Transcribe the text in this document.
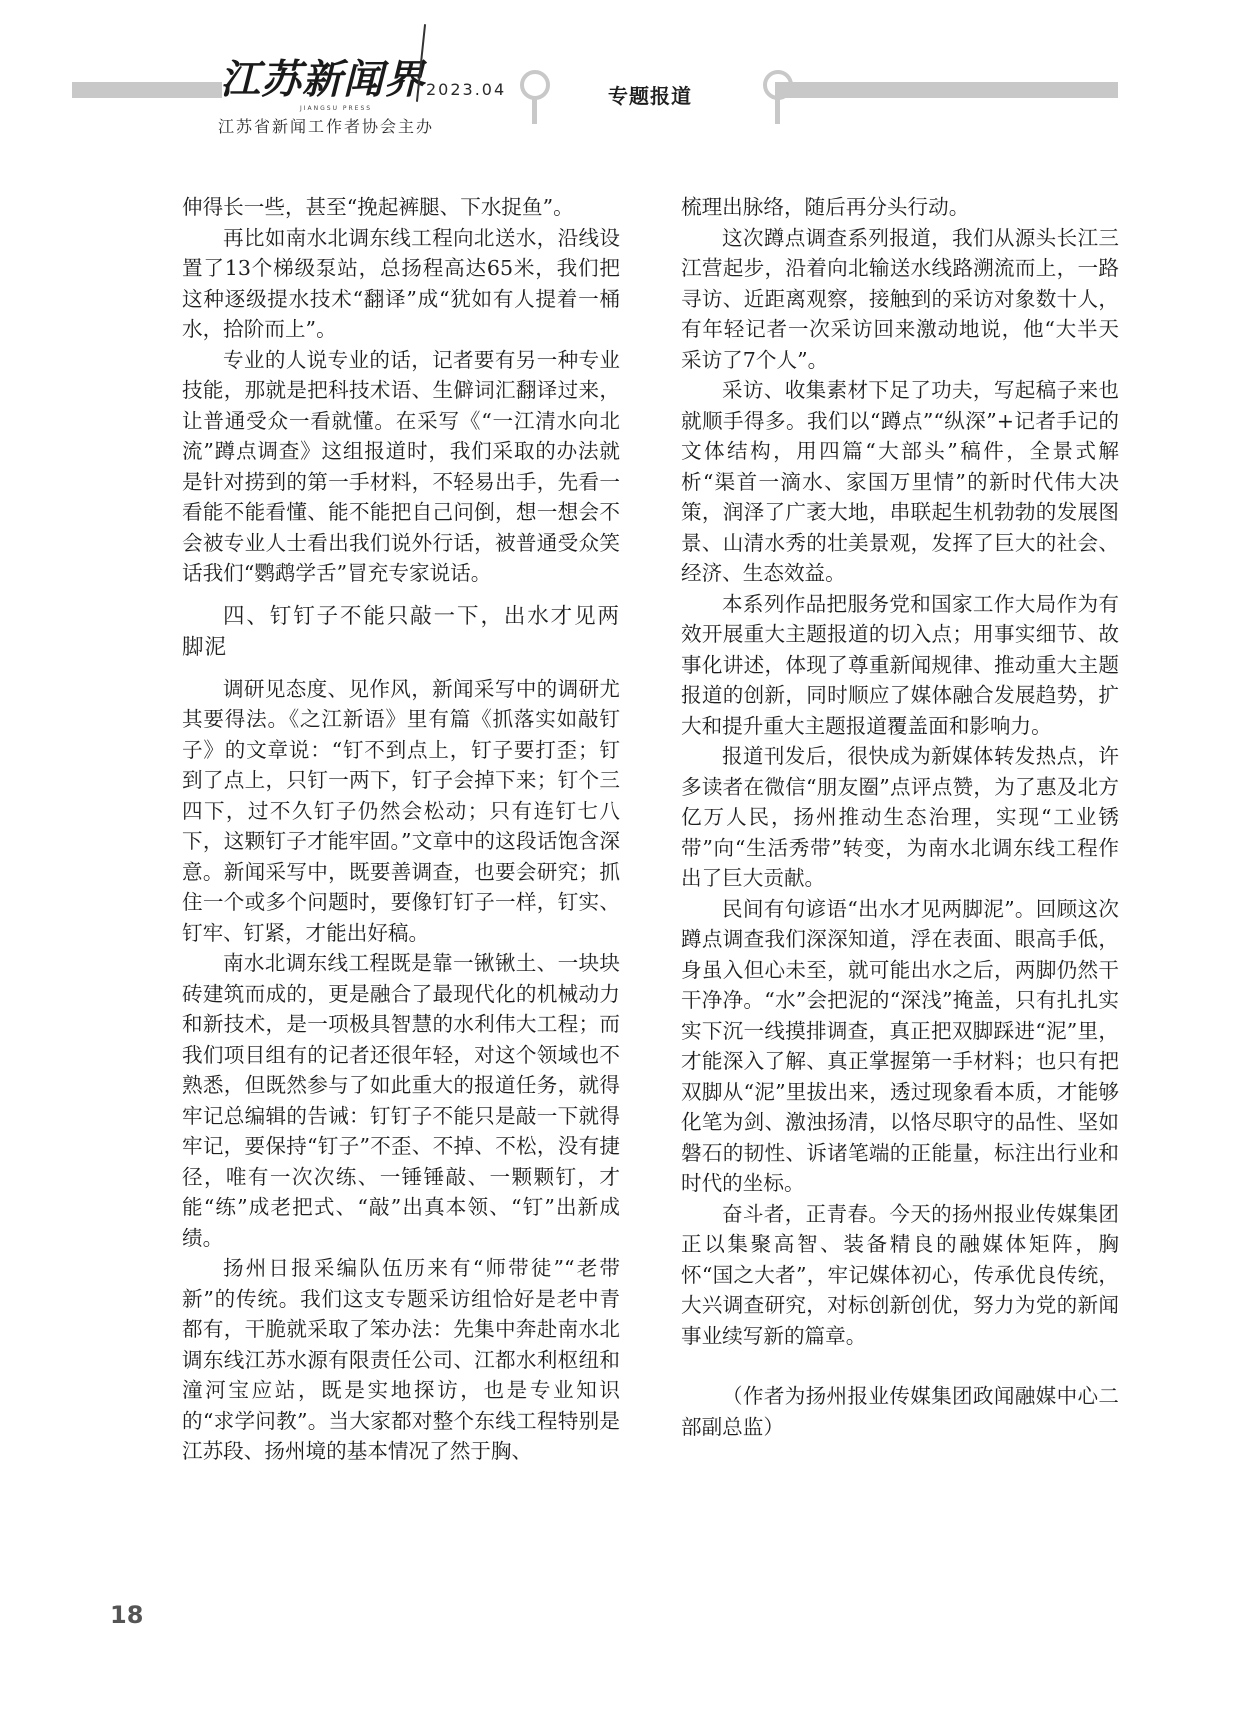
江苏新闻界
JIANGSU PRESS
2023.04
江苏省新闻工作者协会主办
专题报道

伸得长一些，甚至“挽起裤腿、下水捉鱼”。

再比如南水北调东线工程向北送水，沿线设置了13个梯级泵站，总扬程高达65米，我们把这种逐级提水技术“翻译”成“犹如有人提着一桶水，拾阶而上”。

专业的人说专业的话，记者要有另一种专业技能，那就是把科技术语、生僻词汇翻译过来，让普通受众一看就懂。在采写《“一江清水向北流”蹲点调查》这组报道时，我们采取的办法就是针对捞到的第一手材料，不轻易出手，先看一看能不能看懂、能不能把自己问倒，想一想会不会被专业人士看出我们说外行话，被普通受众笑话我们“鹦鹉学舌”冒充专家说话。

四、钉钉子不能只敲一下，出水才见两脚泥

调研见态度、见作风，新闻采写中的调研尤其要得法。《之江新语》里有篇《抓落实如敲钉子》的文章说：“钉不到点上，钉子要打歪；钉到了点上，只钉一两下，钉子会掉下来；钉个三四下，过不久钉子仍然会松动；只有连钉七八下，这颗钉子才能牢固。”文章中的这段话饱含深意。新闻采写中，既要善调查，也要会研究；抓住一个或多个问题时，要像钉钉子一样，钉实、钉牢、钉紧，才能出好稿。

南水北调东线工程既是靠一锹锹土、一块块砖建筑而成的，更是融合了最现代化的机械动力和新技术，是一项极具智慧的水利伟大工程；而我们项目组有的记者还很年轻，对这个领域也不熟悉，但既然参与了如此重大的报道任务，就得牢记总编辑的告诫：钉钉子不能只是敲一下就得牢记，要保持“钉子”不歪、不掉、不松，没有捷径，唯有一次次练、一锤锤敲、一颗颗钉，才能“练”成老把式、“敲”出真本领、“钉”出新成绩。

扬州日报采编队伍历来有“师带徒”“老带新”的传统。我们这支专题采访组恰好是老中青都有，干脆就采取了笨办法：先集中奔赴南水北调东线江苏水源有限责任公司、江都水利枢纽和潼河宝应站，既是实地探访，也是专业知识的“求学问教”。当大家都对整个东线工程特别是江苏段、扬州境的基本情况了然于胸、

梳理出脉络，随后再分头行动。

这次蹲点调查系列报道，我们从源头长江三江营起步，沿着向北输送水线路溯流而上，一路寻访、近距离观察，接触到的采访对象数十人，有年轻记者一次采访回来激动地说，他“大半天采访了7个人”。

采访、收集素材下足了功夫，写起稿子来也就顺手得多。我们以“蹲点”“纵深”+记者手记的文体结构，用四篇“大部头”稿件，全景式解析“渠首一滴水、家国万里情”的新时代伟大决策，润泽了广袤大地，串联起生机勃勃的发展图景、山清水秀的壮美景观，发挥了巨大的社会、经济、生态效益。

本系列作品把服务党和国家工作大局作为有效开展重大主题报道的切入点；用事实细节、故事化讲述，体现了尊重新闻规律、推动重大主题报道的创新，同时顺应了媒体融合发展趋势，扩大和提升重大主题报道覆盖面和影响力。

报道刊发后，很快成为新媒体转发热点，许多读者在微信“朋友圈”点评点赞，为了惠及北方亿万人民，扬州推动生态治理，实现“工业锈带”向“生活秀带”转变，为南水北调东线工程作出了巨大贡献。

民间有句谚语“出水才见两脚泥”。回顾这次蹲点调查我们深深知道，浮在表面、眼高手低，身虽入但心未至，就可能出水之后，两脚仍然干干净净。“水”会把泥的“深浅”掩盖，只有扎扎实实下沉一线摸排调查，真正把双脚踩进“泥”里，才能深入了解、真正掌握第一手材料；也只有把双脚从“泥”里拔出来，透过现象看本质，才能够化笔为剑、激浊扬清，以恪尽职守的品性、坚如磐石的韧性、诉诸笔端的正能量，标注出行业和时代的坐标。

奋斗者，正青春。今天的扬州报业传媒集团正以集聚高智、装备精良的融媒体矩阵，胸怀“国之大者”，牢记媒体初心，传承优良传统，大兴调查研究，对标创新创优，努力为党的新闻事业续写新的篇章。

（作者为扬州报业传媒集团政闻融媒中心二部副总监）

18
